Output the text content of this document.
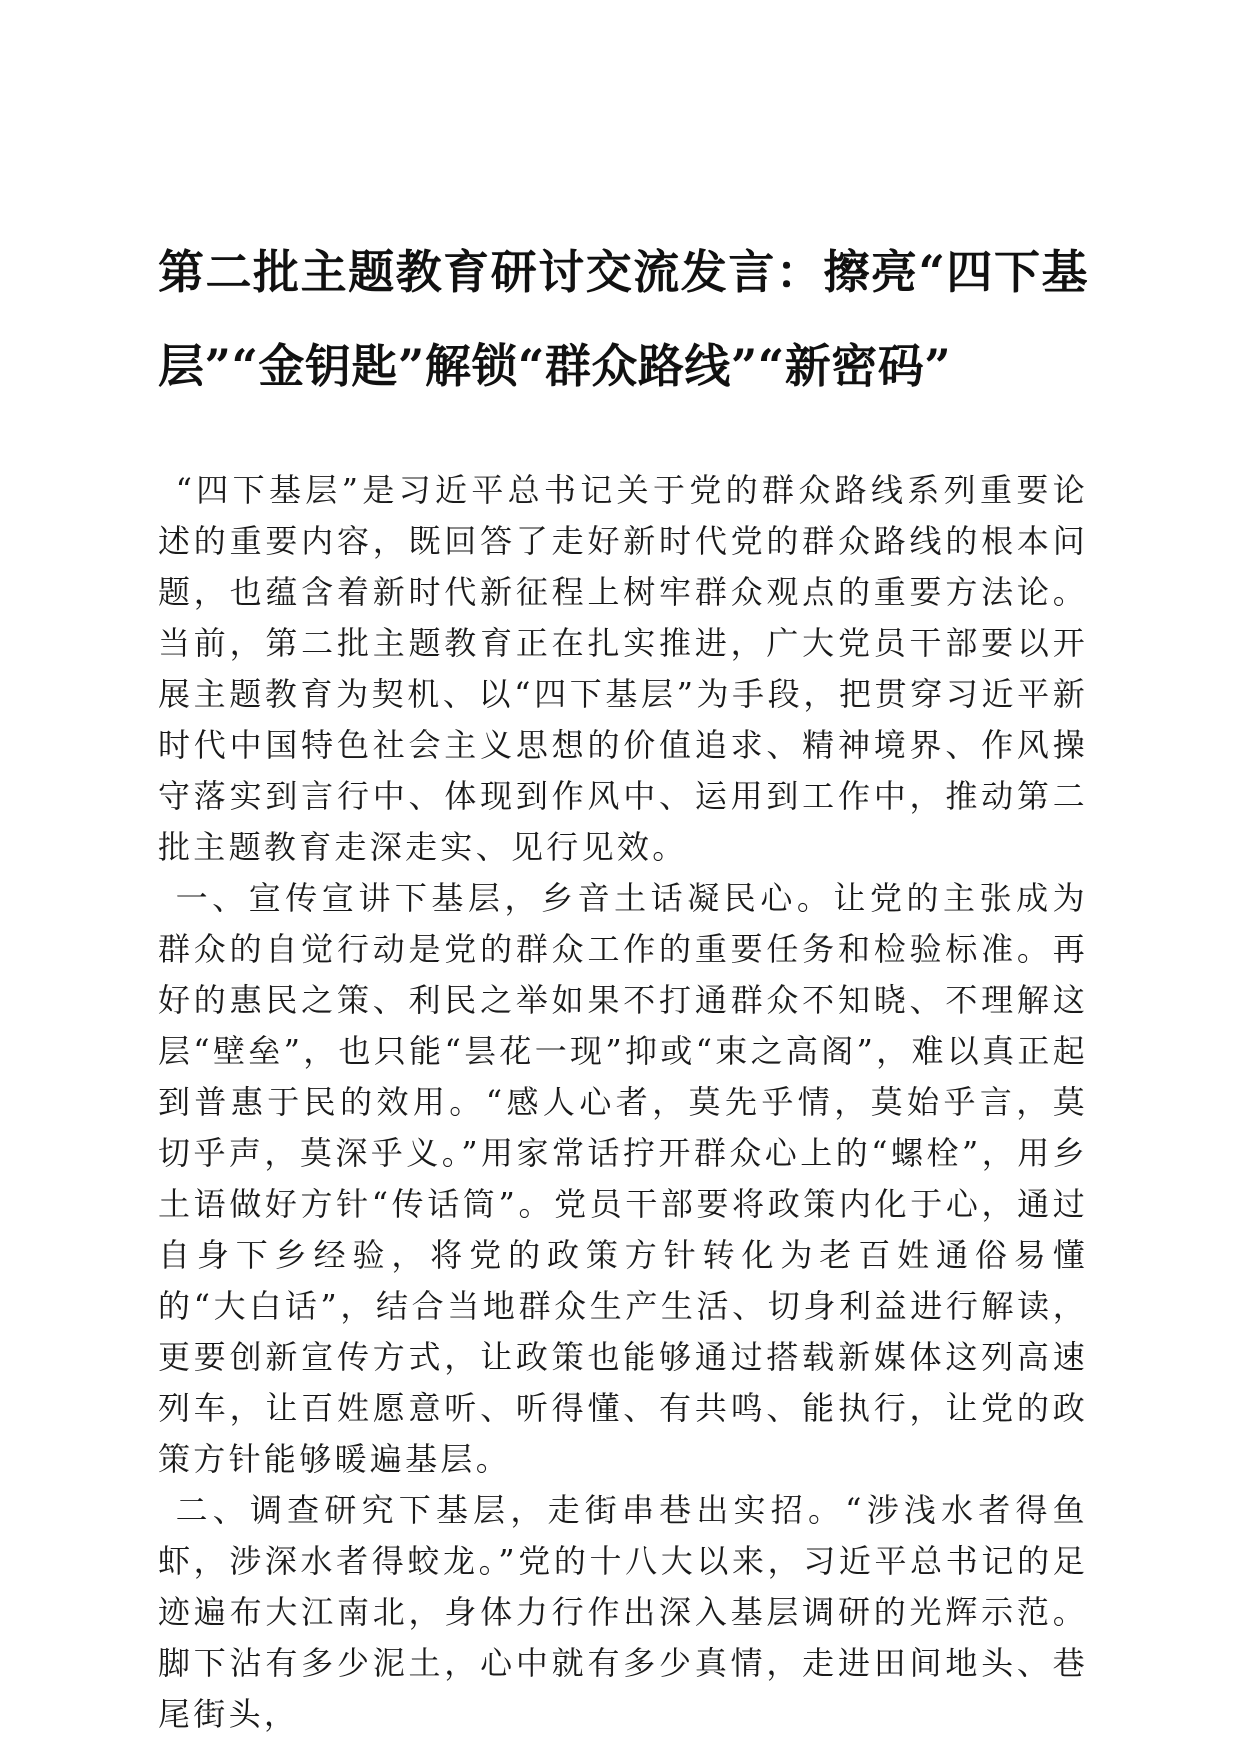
第二批主题教育研讨交流发言：擦亮“四下基层”“金钥匙”解锁“群众路线”“新密码”

“四下基层”是习近平总书记关于党的群众路线系列重要论述的重要内容，既回答了走好新时代党的群众路线的根本问题，也蕴含着新时代新征程上树牢群众观点的重要方法论。当前，第二批主题教育正在扎实推进，广大党员干部要以开展主题教育为契机、以“四下基层”为手段，把贯穿习近平新时代中国特色社会主义思想的价值追求、精神境界、作风操守落实到言行中、体现到作风中、运用到工作中，推动第二批主题教育走深走实、见行见效。

一、宣传宣讲下基层，乡音土话凝民心。让党的主张成为群众的自觉行动是党的群众工作的重要任务和检验标准。再好的惠民之策、利民之举如果不打通群众不知晓、不理解这层“壁垒”，也只能“昙花一现”抑或“束之高阁”，难以真正起到普惠于民的效用。“感人心者，莫先乎情，莫始乎言，莫切乎声，莫深乎义。”用家常话拧开群众心上的“螺栓”，用乡土语做好方针“传话筒”。党员干部要将政策内化于心，通过自身下乡经验，将党的政策方针转化为老百姓通俗易懂的“大白话”，结合当地群众生产生活、切身利益进行解读，更要创新宣传方式，让政策也能够通过搭载新媒体这列高速列车，让百姓愿意听、听得懂、有共鸣、能执行，让党的政策方针能够暖遍基层。

二、调查研究下基层，走街串巷出实招。“涉浅水者得鱼虾，涉深水者得蛟龙。”党的十八大以来，习近平总书记的足迹遍布大江南北，身体力行作出深入基层调研的光辉示范。脚下沾有多少泥土，心中就有多少真情，走进田间地头、巷尾街头，
